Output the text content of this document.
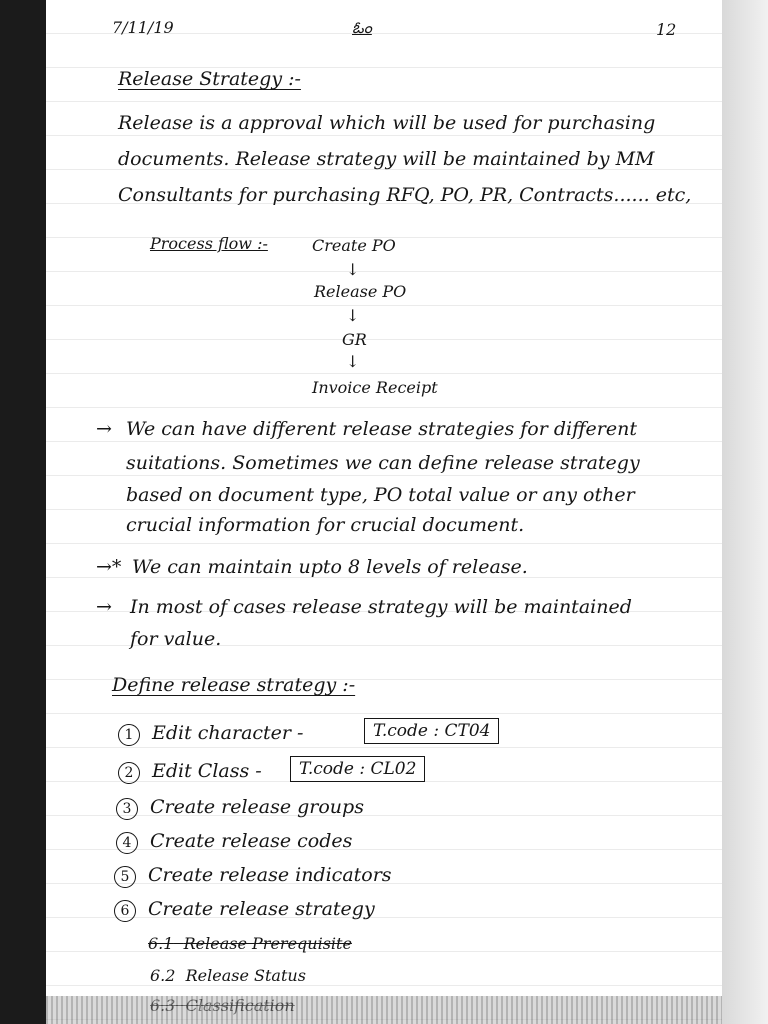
7/11/19	ఓం	12
Release Strategy :-
Release is a approval which will be used for purchasing
documents. Release strategy will be maintained by MM
Consultants for purchasing RFQ, PO, PR, Contracts...... etc,
Process flow :-	Create PO
↓
Release PO
↓
GR
↓
Invoice Receipt
→ We can have different release strategies for different
suitations. Sometimes we can define release strategy
based on document type, PO total value or any other
crucial information for crucial document.
→* We can maintain upto 8 levels of release.
→ In most of cases release strategy will be maintained
for value.
Define release strategy :-
1 Edit character -	T.code : CT04
2 Edit Class -	T.code : CL02
3 Create release groups
4 Create release codes
5 Create release indicators
6 Create release strategy
6.1 Release Prerequisite
6.2 Release Status
